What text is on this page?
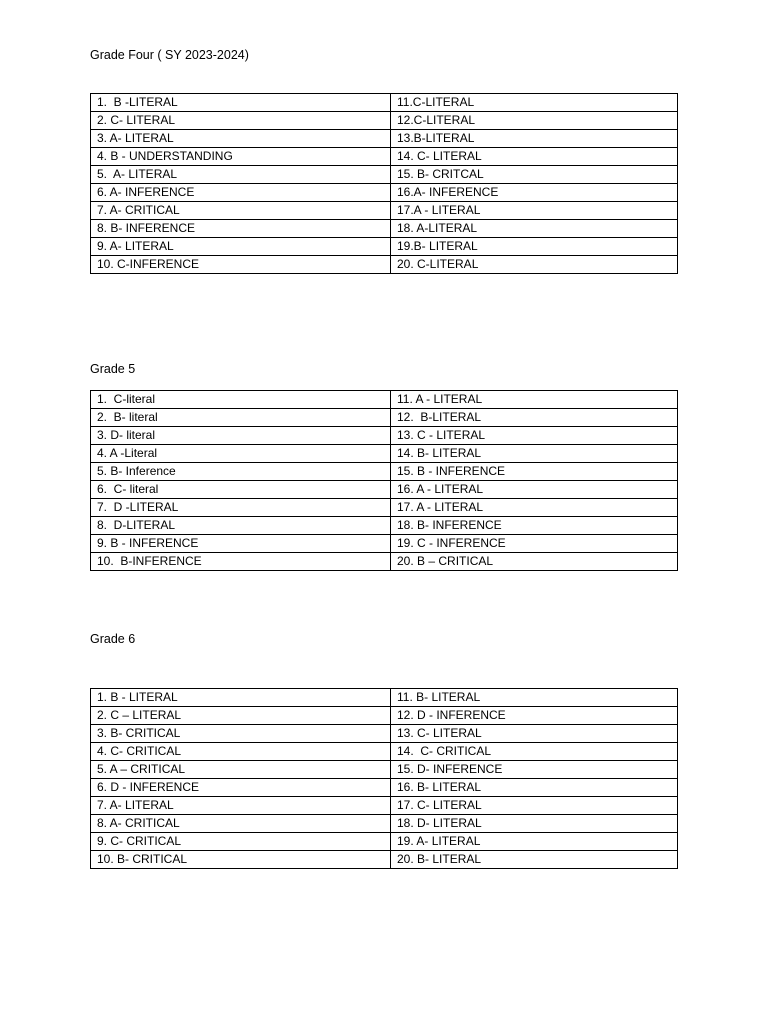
Grade Four ( SY 2023-2024)
1.  B -LITERAL	11.C-LITERAL
2. C- LITERAL	12.C-LITERAL
3. A- LITERAL	13.B-LITERAL
4. B - UNDERSTANDING	14. C- LITERAL
5.  A- LITERAL	15. B- CRITCAL
6. A- INFERENCE	16.A- INFERENCE
7. A- CRITICAL	17.A - LITERAL
8. B- INFERENCE	18. A-LITERAL
9. A- LITERAL	19.B- LITERAL
10. C-INFERENCE	20. C-LITERAL
Grade 5
1.  C-literal	11. A - LITERAL
2.  B- literal	12.  B-LITERAL
3. D- literal	13. C - LITERAL
4. A -Literal	14. B- LITERAL
5. B- Inference	15. B - INFERENCE
6.  C- literal	16. A - LITERAL
7.  D -LITERAL	17. A - LITERAL
8.  D-LITERAL	18. B- INFERENCE
9. B - INFERENCE	19. C - INFERENCE
10.  B-INFERENCE	20. B – CRITICAL
Grade 6
1. B - LITERAL	11. B- LITERAL
2. C – LITERAL	12. D - INFERENCE
3. B- CRITICAL	13. C- LITERAL
4. C- CRITICAL	14.  C- CRITICAL
5. A – CRITICAL	15. D- INFERENCE
6. D - INFERENCE	16. B- LITERAL
7. A- LITERAL	17. C- LITERAL
8. A- CRITICAL	18. D- LITERAL
9. C- CRITICAL	19. A- LITERAL
10. B- CRITICAL	20. B- LITERAL
